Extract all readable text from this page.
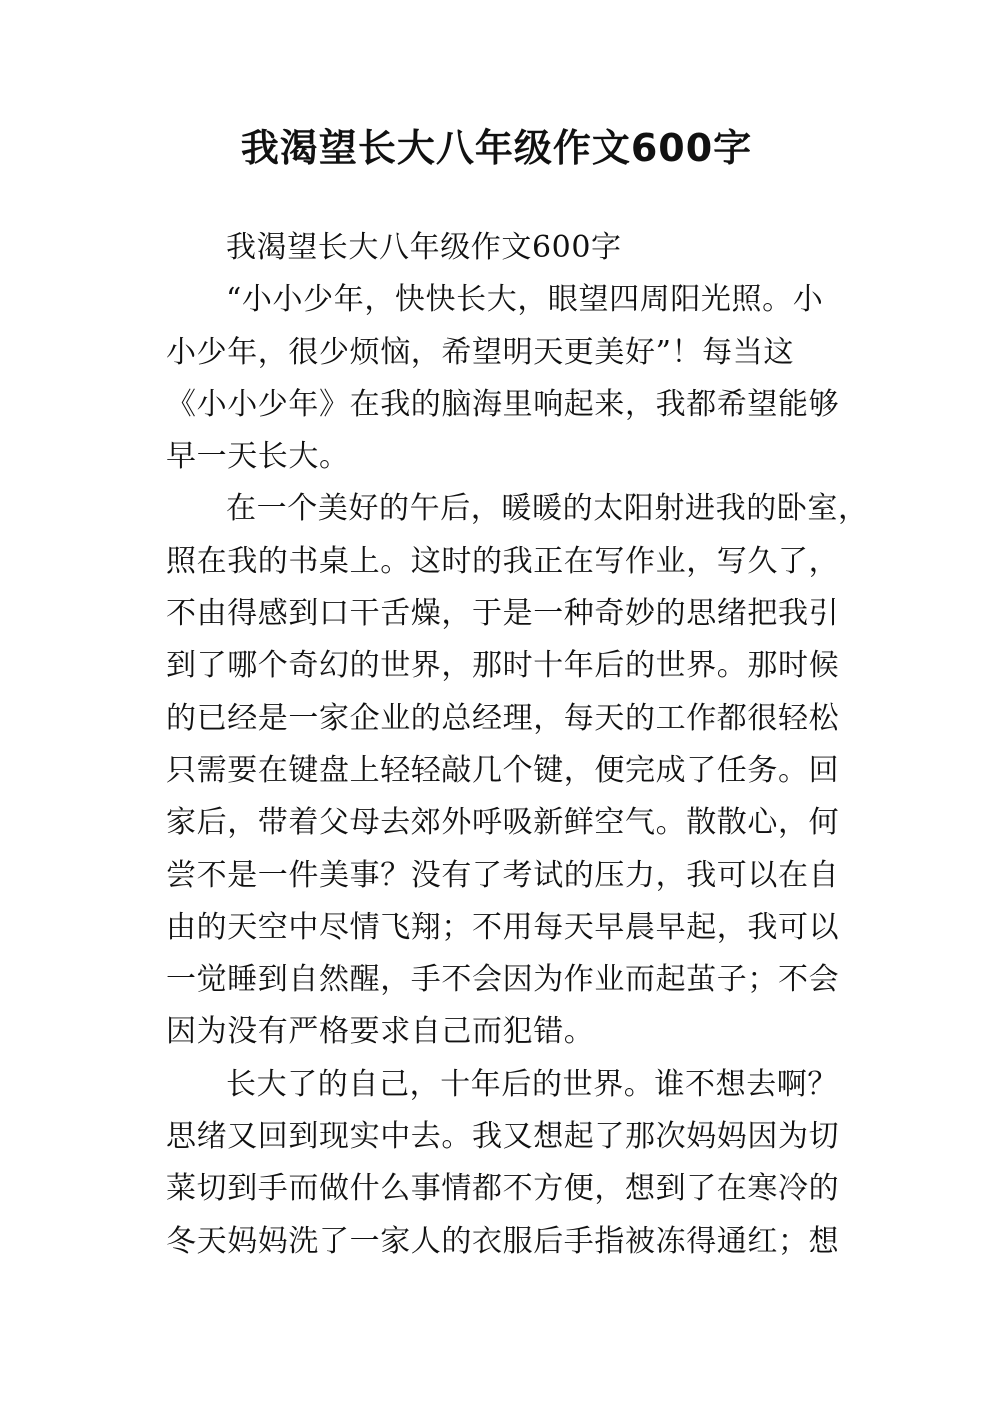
我渴望长大八年级作文600字
我渴望长大八年级作文600字
“小小少年，快快长大，眼望四周阳光照。小
小少年，很少烦恼，希望明天更美好”！每当这
《小小少年》在我的脑海里响起来，我都希望能够
早一天长大。
在一个美好的午后，暖暖的太阳射进我的卧室，
照在我的书桌上。这时的我正在写作业，写久了，
不由得感到口干舌燥，于是一种奇妙的思绪把我引
到了哪个奇幻的世界，那时十年后的世界。那时候
的已经是一家企业的总经理，每天的工作都很轻松
只需要在键盘上轻轻敲几个键，便完成了任务。回
家后，带着父母去郊外呼吸新鲜空气。散散心，何
尝不是一件美事？没有了考试的压力，我可以在自
由的天空中尽情飞翔；不用每天早晨早起，我可以
一觉睡到自然醒，手不会因为作业而起茧子；不会
因为没有严格要求自己而犯错。
长大了的自己，十年后的世界。谁不想去啊？
思绪又回到现实中去。我又想起了那次妈妈因为切
菜切到手而做什么事情都不方便，想到了在寒冷的
冬天妈妈洗了一家人的衣服后手指被冻得通红；想
